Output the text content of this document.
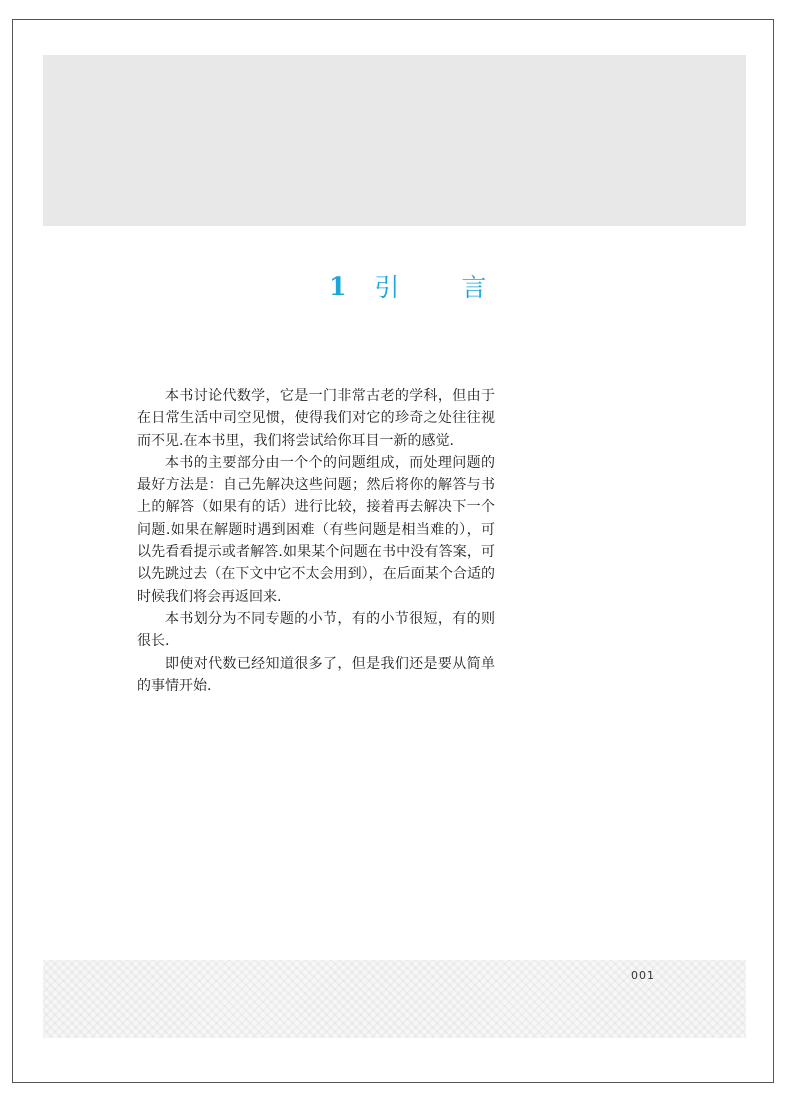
1 引 言

本书讨论代数学，它是一门非常古老的学科，但由于在日常生活中司空见惯，使得我们对它的珍奇之处往往视而不见.在本书里，我们将尝试给你耳目一新的感觉.

本书的主要部分由一个个的问题组成，而处理问题的最好方法是：自己先解决这些问题；然后将你的解答与书上的解答（如果有的话）进行比较，接着再去解决下一个问题.如果在解题时遇到困难（有些问题是相当难的），可以先看看提示或者解答.如果某个问题在书中没有答案，可以先跳过去（在下文中它不太会用到），在后面某个合适的时候我们将会再返回来.

本书划分为不同专题的小节，有的小节很短，有的则很长.

即使对代数已经知道很多了，但是我们还是要从简单的事情开始.

001
